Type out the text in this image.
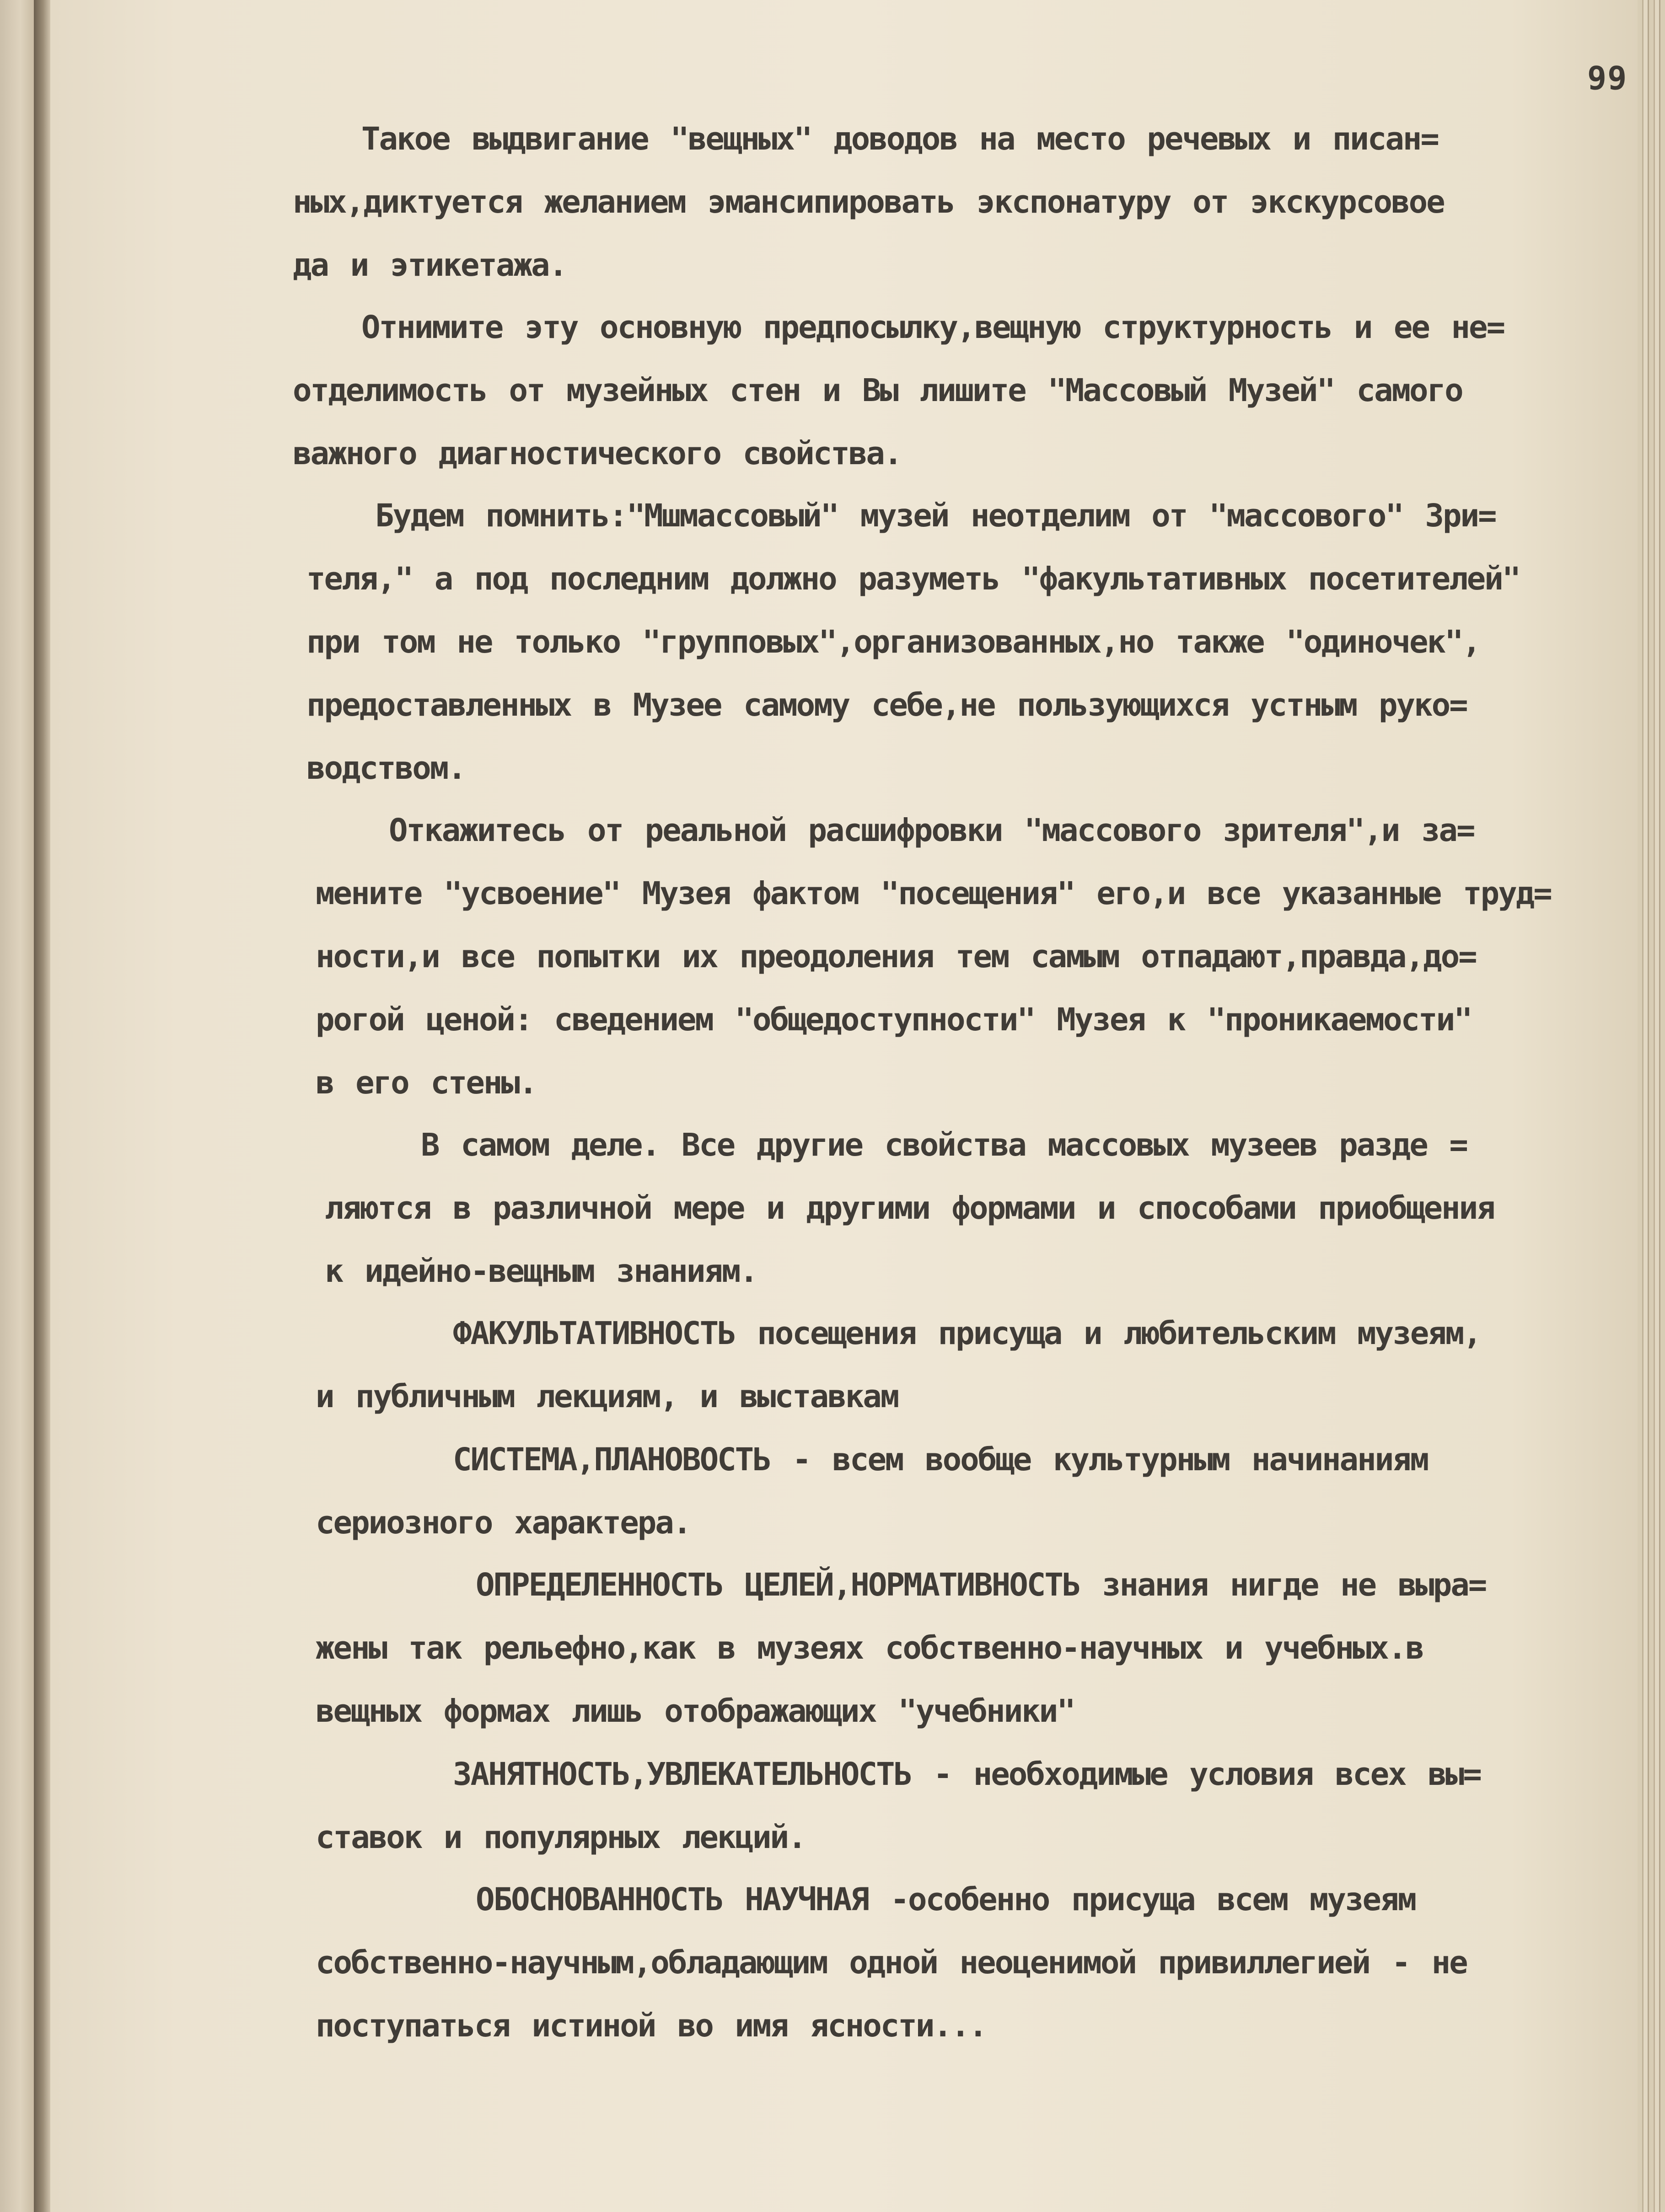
99
Такое выдвигание "вещных" доводов на место речевых и писан=
ных,диктуется желанием эмансипировать экспонатуру от экскурсовое
да и этикетажа.
Отнимите эту основную предпосылку,вещную структурность и ее не=
отделимость от музейных стен и Вы лишите "Массовый Музей" самого
важного диагностического свойства.
Будем помнить:"Мшмассовый" музей неотделим от "массового" Зри=
теля," а под последним должно разуметь "факультативных посетителей"
при том не только "групповых",организованных,но также "одиночек",
предоставленных в Музее самому себе,не пользующихся устным руко=
водством.
Откажитесь от реальной расшифровки "массового зрителя",и за=
мените "усвоение" Музея фактом "посещения" его,и все указанные труд=
ности,и все попытки их преодоления тем самым отпадают,правда,до=
рогой ценой: сведением "общедоступности" Музея к "проникаемости"
в его стены.
В самом деле. Все другие свойства массовых музеев разде =
ляются в различной мере и другими формами и способами приобщения
к идейно-вещным знаниям.
ФАКУЛЬТАТИВНОСТЬ посещения присуща и любительским музеям,
и публичным лекциям, и выставкам
СИСТЕМА,ПЛАНОВОСТЬ - всем вообще культурным начинаниям
сериозного характера.
ОПРЕДЕЛЕННОСТЬ ЦЕЛЕЙ,НОРМАТИВНОСТЬ знания нигде не выра=
жены так рельефно,как в музеях собственно-научных и учебных.в
вещных формах лишь отображающих "учебники"
ЗАНЯТНОСТЬ,УВЛЕКАТЕЛЬНОСТЬ - необходимые условия всех вы=
ставок и популярных лекций.
ОБОСНОВАННОСТЬ НАУЧНАЯ -особенно присуща всем музеям
собственно-научным,обладающим одной неоценимой привиллегией - не
поступаться истиной во имя ясности...
